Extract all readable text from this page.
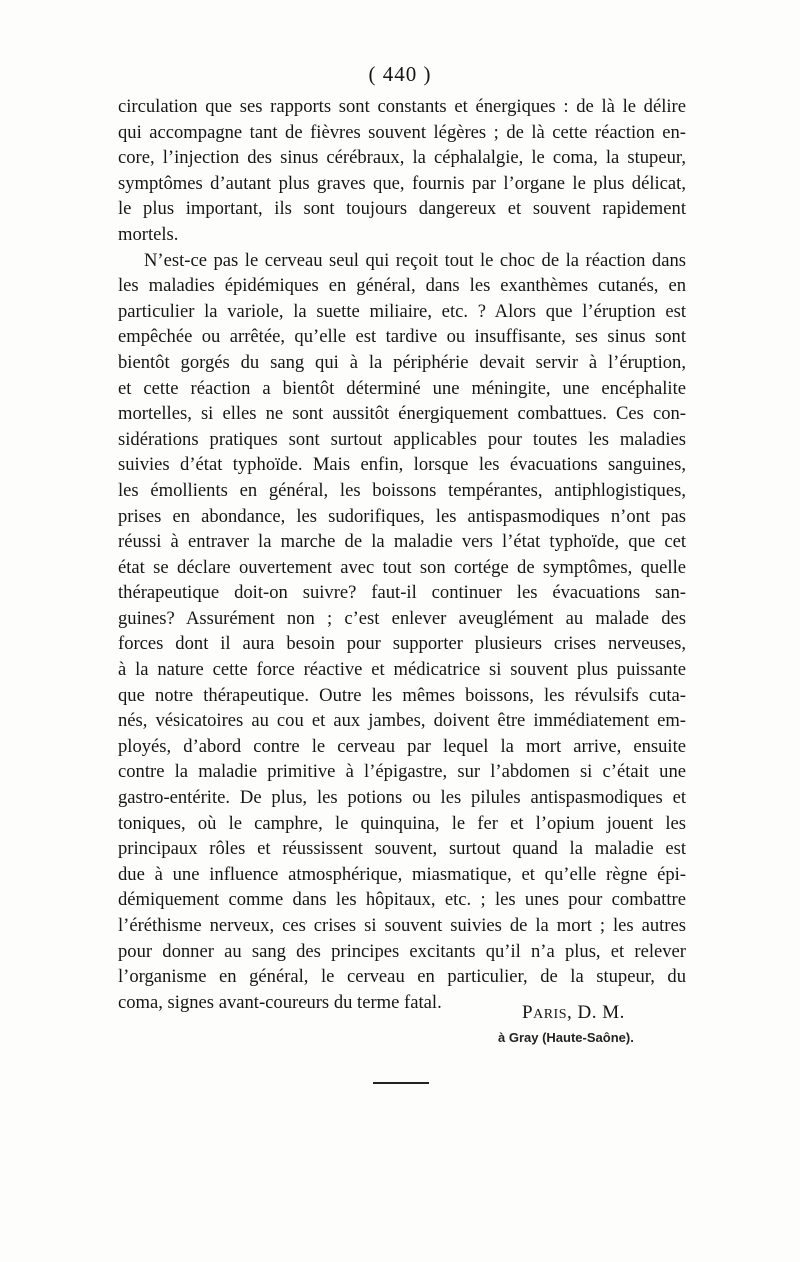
( 440 )
circulation que ses rapports sont constants et énergiques : de là le délire
qui accompagne tant de fièvres souvent légères ; de là cette réaction en-
core, l’injection des sinus cérébraux, la céphalalgie, le coma, la stupeur,
symptômes d’autant plus graves que, fournis par l’organe le plus délicat,
le plus important, ils sont toujours dangereux et souvent rapidement
mortels.
N’est-ce pas le cerveau seul qui reçoit tout le choc de la réaction dans
les maladies épidémiques en général, dans les exanthèmes cutanés, en
particulier la variole, la suette miliaire, etc. ? Alors que l’éruption est
empêchée ou arrêtée, qu’elle est tardive ou insuffisante, ses sinus sont
bientôt gorgés du sang qui à la périphérie devait servir à l’éruption,
et cette réaction a bientôt déterminé une méningite, une encéphalite
mortelles, si elles ne sont aussitôt énergiquement combattues. Ces con-
sidérations pratiques sont surtout applicables pour toutes les maladies
suivies d’état typhoïde. Mais enfin, lorsque les évacuations sanguines,
les émollients en général, les boissons tempérantes, antiphlogistiques,
prises en abondance, les sudorifiques, les antispasmodiques n’ont pas
réussi à entraver la marche de la maladie vers l’état typhoïde, que cet
état se déclare ouvertement avec tout son cortége de symptômes, quelle
thérapeutique doit-on suivre? faut-il continuer les évacuations san-
guines? Assurément non ; c’est enlever aveuglément au malade des
forces dont il aura besoin pour supporter plusieurs crises nerveuses,
à la nature cette force réactive et médicatrice si souvent plus puissante
que notre thérapeutique. Outre les mêmes boissons, les révulsifs cuta-
nés, vésicatoires au cou et aux jambes, doivent être immédiatement em-
ployés, d’abord contre le cerveau par lequel la mort arrive, ensuite
contre la maladie primitive à l’épigastre, sur l’abdomen si c’était une
gastro-entérite. De plus, les potions ou les pilules antispasmodiques et
toniques, où le camphre, le quinquina, le fer et l’opium jouent les
principaux rôles et réussissent souvent, surtout quand la maladie est
due à une influence atmosphérique, miasmatique, et qu’elle règne épi-
démiquement comme dans les hôpitaux, etc. ; les unes pour combattre
l’éréthisme nerveux, ces crises si souvent suivies de la mort ; les autres
pour donner au sang des principes excitants qu’il n’a plus, et relever
l’organisme en général, le cerveau en particulier, de la stupeur, du
coma, signes avant-coureurs du terme fatal.	PARIS, D. M.
à Gray (Haute-Saône).
